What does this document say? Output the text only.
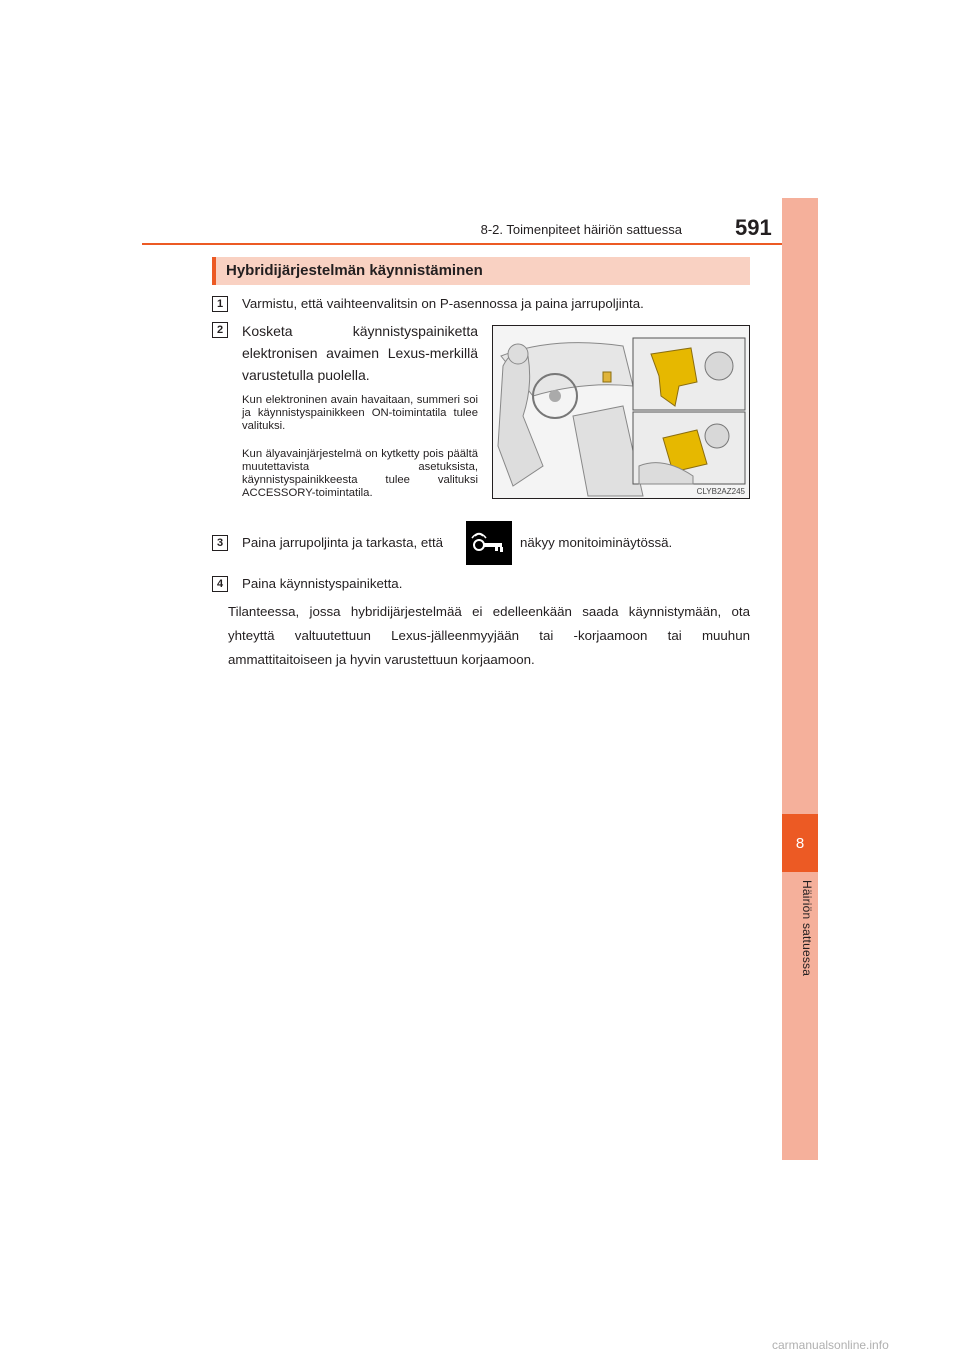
8-2. Toimenpiteet häiriön sattuessa 591
8
Häiriön sattuessa
Hybridijärjestelmän käynnistäminen
1	Varmistu, että vaihteenvalitsin on P-asennossa ja paina jarrupoljinta.
2	Kosketa käynnistyspainiketta elektronisen avaimen Lexus-merkillä varustetulla puolella.
Kun elektroninen avain havaitaan, summeri soi ja käynnistyspainikkeen ON-toimintatila tulee valituksi.
Kun älyavainjärjestelmä on kytketty pois päältä muutettavista asetuksista, käynnistyspainikkeesta tulee valituksi ACCESSORY-toimintatila.	CLYB2AZ245
3	Paina jarrupoljinta ja tarkasta, että	näkyy monitoiminäytössä.
4	Paina käynnistyspainiketta.
Tilanteessa, jossa hybridijärjestelmää ei edelleenkään saada käynnistymään, ota yhteyttä valtuutettuun Lexus-jälleenmyyjään tai -korjaamoon tai muuhun ammattitaitoiseen ja hyvin varustettuun korjaamoon.
carmanualsonline.info
